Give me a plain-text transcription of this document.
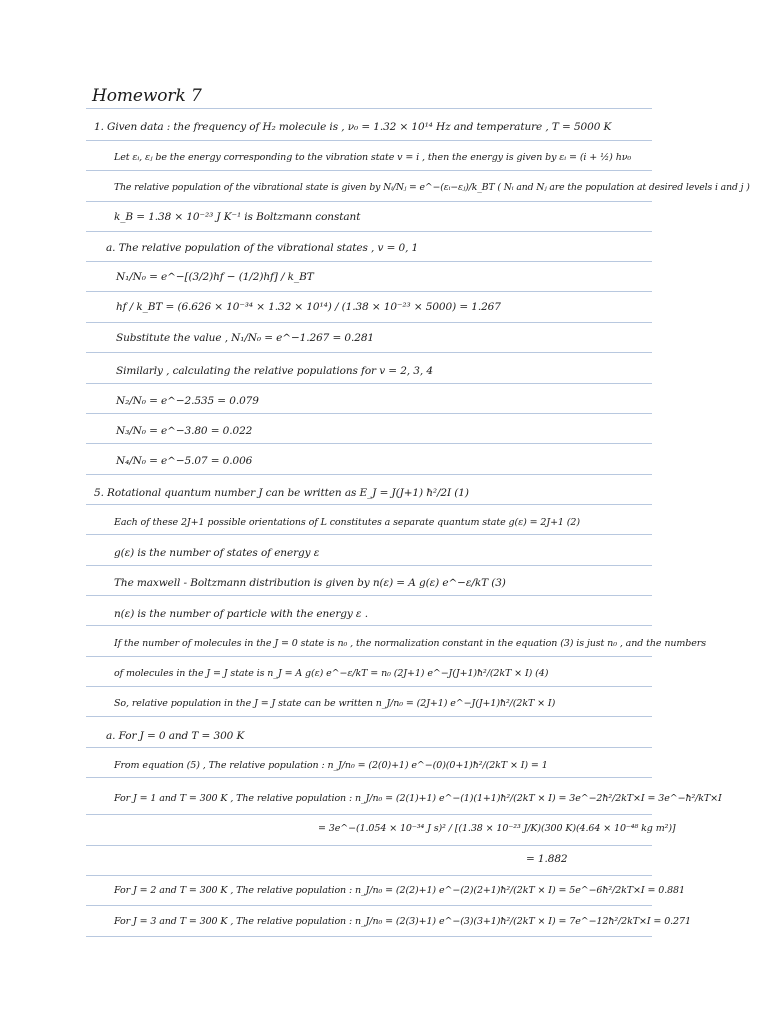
Homework 7
1. Given data : the frequency of H₂ molecule is , ν₀ = 1.32 × 10¹⁴ Hz and temperature , T = 5000 K
Let εᵢ, εⱼ be the energy corresponding to the vibration state v = i , then the energy is given by εᵢ = (i + ½) hν₀
The relative population of the vibrational state is given by Nᵢ/Nⱼ = e^−(εᵢ−εⱼ)/k_BT ( Nᵢ and Nⱼ are the population at desired levels i and j )
k_B = 1.38 × 10⁻²³ J K⁻¹ is Boltzmann constant
a. The relative population of the vibrational states , v = 0, 1
N₁/N₀ = e^−[(3/2)hf − (1/2)hf] / k_BT
hf / k_BT = (6.626 × 10⁻³⁴ × 1.32 × 10¹⁴) / (1.38 × 10⁻²³ × 5000) = 1.267
Substitute the value , N₁/N₀ = e^−1.267 = 0.281
Similarly , calculating the relative populations for v = 2, 3, 4
N₂/N₀ = e^−2.535 = 0.079
N₃/N₀ = e^−3.80 = 0.022
N₄/N₀ = e^−5.07 = 0.006
5. Rotational quantum number J can be written as E_J = J(J+1) ħ²/2I (1)
Each of these 2J+1 possible orientations of L constitutes a separate quantum state g(ε) = 2J+1 (2)
g(ε) is the number of states of energy ε
The maxwell - Boltzmann distribution is given by n(ε) = A g(ε) e^−ε/kT (3)
n(ε) is the number of particle with the energy ε .
If the number of molecules in the J = 0 state is n₀ , the normalization constant in the equation (3) is just n₀ , and the numbers
of molecules in the J = J state is n_J = A g(ε) e^−ε/kT = n₀ (2J+1) e^−J(J+1)ħ²/(2kT × I) (4)
So, relative population in the J = J state can be written n_J/n₀ = (2J+1) e^−J(J+1)ħ²/(2kT × I)
a. For J = 0 and T = 300 K
From equation (5) , The relative population : n_J/n₀ = (2(0)+1) e^−(0)(0+1)ħ²/(2kT × I) = 1
For J = 1 and T = 300 K , The relative population : n_J/n₀ = (2(1)+1) e^−(1)(1+1)ħ²/(2kT × I) = 3e^−2ħ²/2kT×I = 3e^−ħ²/kT×I
= 3e^−(1.054 × 10⁻³⁴ J s)² / [(1.38 × 10⁻²³ J/K)(300 K)(4.64 × 10⁻⁴⁸ kg m²)]
= 1.882
For J = 2 and T = 300 K , The relative population : n_J/n₀ = (2(2)+1) e^−(2)(2+1)ħ²/(2kT × I) = 5e^−6ħ²/2kT×I = 0.881
For J = 3 and T = 300 K , The relative population : n_J/n₀ = (2(3)+1) e^−(3)(3+1)ħ²/(2kT × I) = 7e^−12ħ²/2kT×I = 0.271
